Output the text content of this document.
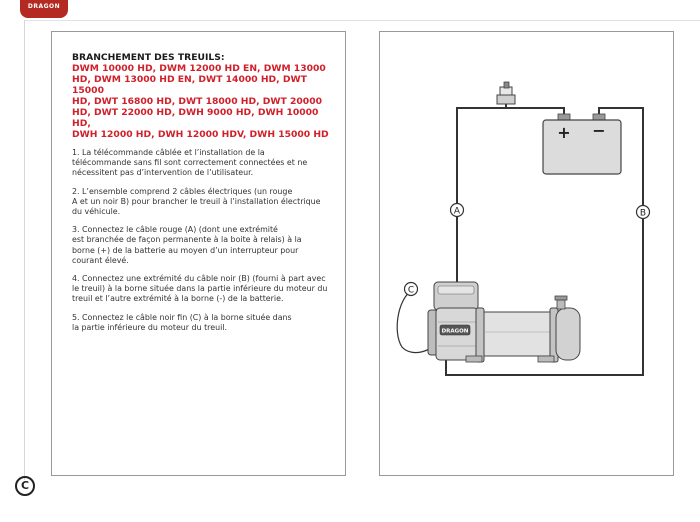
DRAGON
C
BRANCHEMENT DES TREUILS:
DWM 10000 HD, DWM 12000 HD EN, DWM 13000
HD, DWM 13000 HD EN, DWT 14000 HD, DWT 15000
HD, DWT 16800 HD, DWT 18000 HD, DWT 20000
HD, DWT 22000 HD, DWH 9000 HD, DWH 10000 HD,
DWH 12000 HD, DWH 12000 HDV, DWH 15000 HD

1. La télécommande câblée et l’installation de la
télécommande sans fil sont correctement connectées et ne
nécessitent pas d’intervention de l’utilisateur.

2. L’ensemble comprend 2 câbles électriques (un rouge
A et un noir B) pour brancher le treuil à l’installation électrique
du véhicule.

3. Connectez le câble rouge (A) (dont une extrémité
est branchée de façon permanente à la boite à relais) à la
borne (+) de la batterie au moyen d’un interrupteur pour
courant élevé.

4. Connectez une extrémité du câble noir (B) (fourni à part avec
le treuil) à la borne située dans la partie inférieure du moteur du
treuil et l’autre extrémité à la borne (-) de la batterie.

5. Connectez le câble noir fin (C) à la borne située dans
la partie inférieure du moteur du treuil.

+ −
A	B
C
DRAGON
